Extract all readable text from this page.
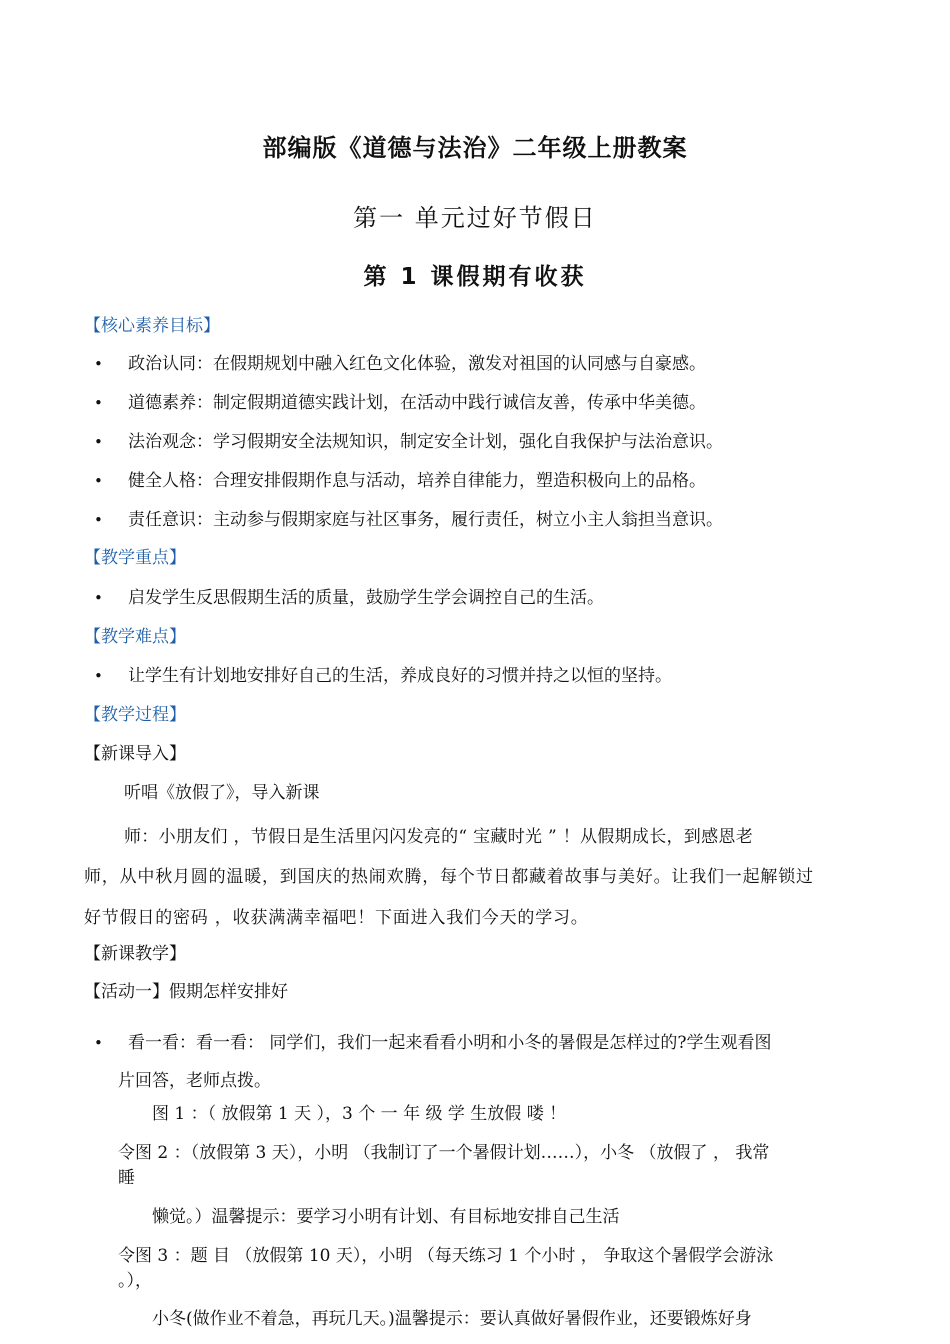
部编版《道德与法治》二年级上册教案
第一 单元过好节假日
第 1 课假期有收获
【核心素养目标】
• 政治认同：在假期规划中融入红色文化体验，激发对祖国的认同感与自豪感。
• 道德素养：制定假期道德实践计划，在活动中践行诚信友善，传承中华美德。
• 法治观念：学习假期安全法规知识，制定安全计划，强化自我保护与法治意识。
• 健全人格：合理安排假期作息与活动，培养自律能力，塑造积极向上的品格。
• 责任意识：主动参与假期家庭与社区事务，履行责任，树立小主人翁担当意识。
【教学重点】
• 启发学生反思假期生活的质量，鼓励学生学会调控自己的生活。
【教学难点】
• 让学生有计划地安排好自己的生活，养成良好的习惯并持之以恒的坚持。
【教学过程】
【新课导入】
听唱《放假了》，导入新课
师：小朋友们 ，节假日是生活里闪闪发亮的“ 宝藏时光 ” ！从假期成长，到感恩老
师，从中秋月圆的温暖，到国庆的热闹欢腾，每个节日都藏着故事与美好。让我们一起解锁过
好节假日的密码 ，收获满满幸福吧！下面进入我们今天的学习。
【新课教学】
【活动一】假期怎样安排好
• 看一看：看一看： 同学们，我们一起来看看小明和小冬的暑假是怎样过的?学生观看图
片回答，老师点拨。
图 1 ：（ 放假第 1 天 ），3 个 一 年 级 学 生放假 喽 ！
令图 2 ：（放假第 3 天），小明 （我制订了一个暑假计划……），小冬 （放假了 ， 我常
睡
懒觉。）温馨提示：要学习小明有计划、有目标地安排自己生活
令图 3 ：题 目 （放假第 10 天），小明 （每天练习 1 个小时 ， 争取这个暑假学会游泳
。），
小冬(做作业不着急，再玩几天。)温馨提示：要认真做好暑假作业，还要锻炼好身
